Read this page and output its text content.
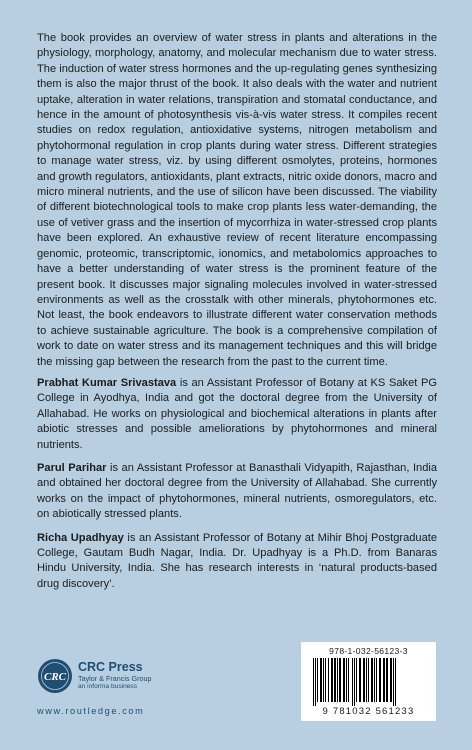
The book provides an overview of water stress in plants and alterations in the physiology, morphology, anatomy, and molecular mechanism due to water stress. The induction of water stress hormones and the up-regulating genes synthesizing them is also the major thrust of the book. It also deals with the water and nutrient uptake, alteration in water relations, transpiration and stomatal conductance, and hence in the amount of photosynthesis vis-à-vis water stress. It compiles recent studies on redox regulation, antioxidative systems, nitrogen metabolism and phytohormonal regulation in crop plants during water stress. Different strategies to manage water stress, viz. by using different osmolytes, proteins, hormones and growth regulators, antioxidants, plant extracts, nitric oxide donors, macro and micro mineral nutrients, and the use of silicon have been discussed. The viability of different biotechnological tools to make crop plants less water-demanding, the use of vetiver grass and the insertion of mycorrhiza in water-stressed crop plants have been explored. An exhaustive review of recent literature encompassing genomic, proteomic, transcriptomic, ionomics, and metabolomics approaches to have a better understanding of water stress is the prominent feature of the present book. It discusses major signaling molecules involved in water-stressed environments as well as the crosstalk with other minerals, phytohormones etc. Not least, the book endeavors to illustrate different water conservation methods to achieve sustainable agriculture. The book is a comprehensive compilation of work to date on water stress and its management techniques and this will bridge the missing gap between the research from the past to the current time.

Prabhat Kumar Srivastava is an Assistant Professor of Botany at KS Saket PG College in Ayodhya, India and got the doctoral degree from the University of Allahabad. He works on physiological and biochemical alterations in plants after abiotic stresses and possible ameliorations by phytohormones and mineral nutrients.

Parul Parihar is an Assistant Professor at Banasthali Vidyapith, Rajasthan, India and obtained her doctoral degree from the University of Allahabad. She currently works on the impact of phytohormones, mineral nutrients, osmoregulators, etc. on abiotically stressed plants.

Richa Upadhyay is an Assistant Professor of Botany at Mihir Bhoj Postgraduate College, Gautam Budh Nagar, India. Dr. Upadhyay is a Ph.D. from Banaras Hindu University, India. She has research interests in ‘natural products-based drug discovery’.

CRC
CRC Press
Taylor & Francis Group
an informa business
www.routledge.com
978-1-032-56123-3
9 781032 561233
